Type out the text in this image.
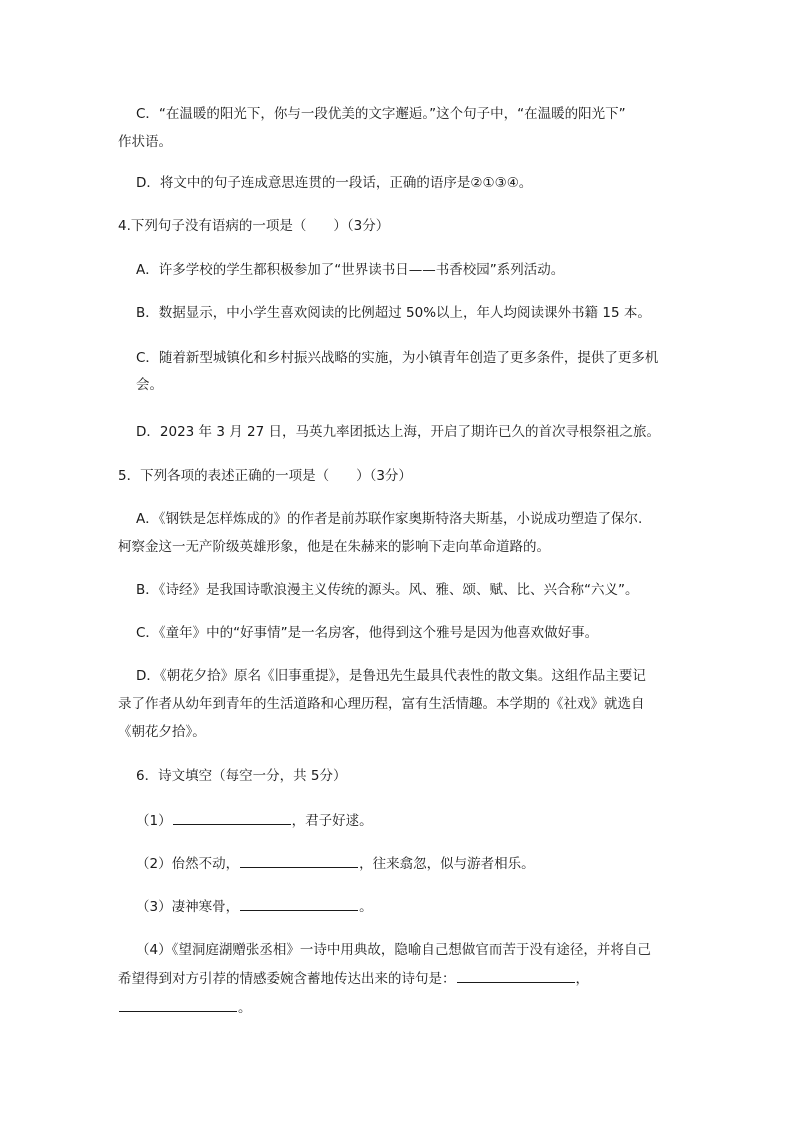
C．“在温暖的阳光下，你与一段优美的文字邂逅。”这个句子中，“在温暖的阳光下”
作状语。
D．将文中的句子连成意思连贯的一段话，正确的语序是②①③④。
4.下列句子没有语病的一项是（　　）（3分）
A．许多学校的学生都积极参加了“世界读书日——书香校园”系列活动。
B．数据显示，中小学生喜欢阅读的比例超过 50%以上，年人均阅读课外书籍 15 本。
C．随着新型城镇化和乡村振兴战略的实施，为小镇青年创造了更多条件，提供了更多机
会。
D．2023 年 3 月 27 日，马英九率团抵达上海，开启了期许已久的首次寻根祭祖之旅。
5．下列各项的表述正确的一项是（　　）（3分）
A．《钢铁是怎样炼成的》的作者是前苏联作家奥斯特洛夫斯基，小说成功塑造了保尔.
柯察金这一无产阶级英雄形象，他是在朱赫来的影响下走向革命道路的。
B．《诗经》是我国诗歌浪漫主义传统的源头。风、雅、颂、赋、比、兴合称“六义”。
C．《童年》中的“好事情”是一名房客，他得到这个雅号是因为他喜欢做好事。
D．《朝花夕拾》原名《旧事重提》，是鲁迅先生最具代表性的散文集。这组作品主要记
录了作者从幼年到青年的生活道路和心理历程，富有生活情趣。本学期的《社戏》就选自
《朝花夕拾》。
6．诗文填空（每空一分，共 5分）
（1）	，君子好逑。
（2）佁然不动，	，往来翕忽，似与游者相乐。
（3）凄神寒骨，	。
（4）《望洞庭湖赠张丞相》一诗中用典故，隐喻自己想做官而苦于没有途径，并将自己
希望得到对方引荐的情感委婉含蓄地传达出来的诗句是：	，
。
